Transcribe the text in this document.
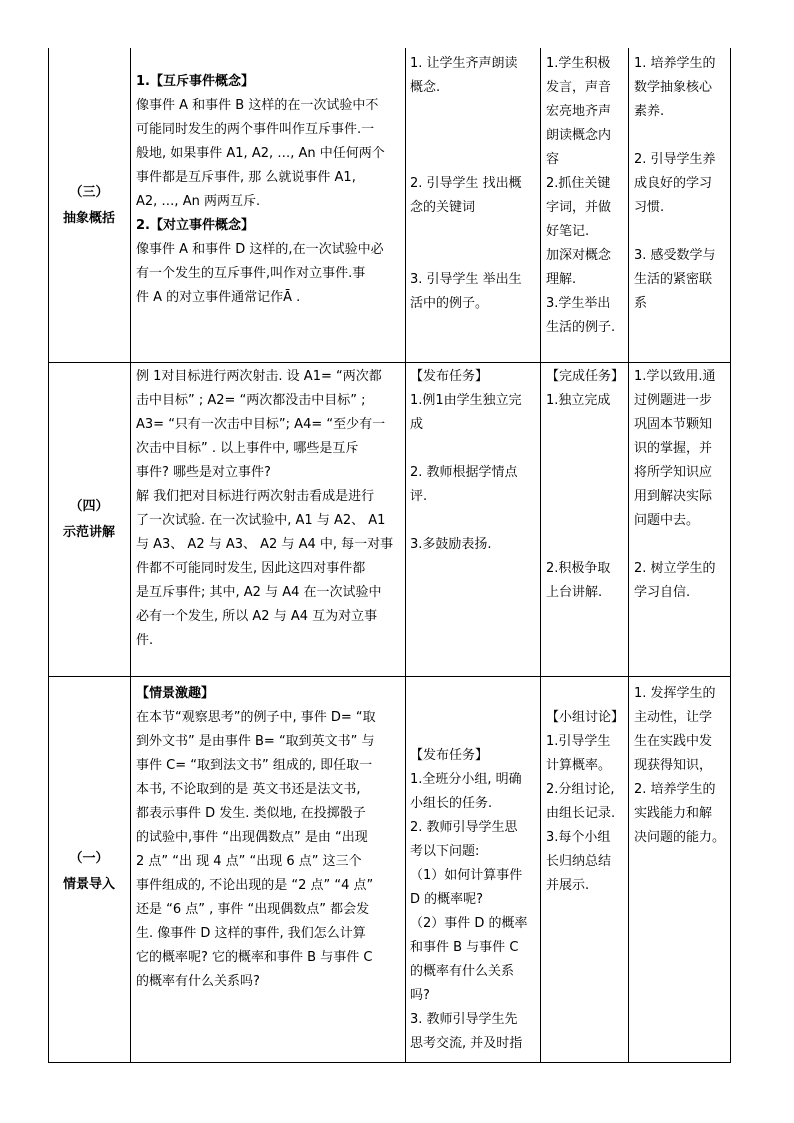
（三）

抽象概括

1.【互斥事件概念】

像事件 A 和事件 B 这样的在一次试验中不
可能同时发生的两个事件叫作互斥事件.一
般地, 如果事件 A1, A2, …, An 中任何两个
事件都是互斥事件, 那 么就说事件 A1,
A2, …, An 两两互斥.

2.【对立事件概念】

像事件 A 和事件 D 这样的,在一次试验中必
有一个发生的互斥事件,叫作对立事件.事
件 A 的对立事件通常记作Ā .

1. 让学生齐声朗读
概念.

2. 引导学生 找出概
念的关键词

3. 引导学生 举出生
活中的例子。

1.学生积极
发言，声音
宏亮地齐声
朗读概念内
容

2.抓住关键
字词，并做
好笔记.
加深对概念
理解.

3.学生举出
生活的例子.

1. 培养学生的
数学抽象核心
素养.

2. 引导学生养
成良好的学习
习惯.

3. 感受数学与
生活的紧密联
系

（四）

示范讲解

例 1对目标进行两次射击. 设 A1= “两次都
击中目标” ; A2= “两次都没击中目标” ;
A3= “只有一次击中目标”; A4= “至少有一
次击中目标” . 以上事件中, 哪些是互斥
事件? 哪些是对立事件?

解 我们把对目标进行两次射击看成是进行
了一次试验. 在一次试验中, A1 与 A2、 A1
与 A3、 A2 与 A3、 A2 与 A4 中, 每一对事
件都不可能同时发生, 因此这四对事件都
是互斥事件; 其中, A2 与 A4 在一次试验中
必有一个发生, 所以 A2 与 A4 互为对立事
件.

【发布任务】

1.例1由学生独立完
成

2. 教师根据学情点
评.

3.多鼓励表扬.

【完成任务】

1.独立完成

2.积极争取
上台讲解.

1.学以致用.通
过例题进一步
巩固本节颗知
识的掌握，并
将所学知识应
用到解决实际
问题中去。

2. 树立学生的
学习自信.

（一）

情景导入

【情景激趣】

在本节“观察思考”的例子中, 事件 D= “取
到外文书” 是由事件 B= “取到英文书” 与
事件 C= “取到法文书” 组成的, 即任取一
本书, 不论取到的是 英文书还是法文书,
都表示事件 D 发生. 类似地, 在投掷骰子
的试验中,事件 “出现偶数点” 是由 “出现
2 点” “出 现 4 点” “出现 6 点” 这三个
事件组成的, 不论出现的是 “2 点” “4 点”
还是 “6 点” , 事件 “出现偶数点” 都会发
生. 像事件 D 这样的事件, 我们怎么计算
它的概率呢? 它的概率和事件 B 与事件 C
的概率有什么关系吗?

【发布任务】

1.全班分小组, 明确
小组长的任务.
2. 教师引导学生思
考以下问题:
（1）如何计算事件
D 的概率呢?
（2）事件 D 的概率
和事件 B 与事件 C
的概率有什么关系
吗?
3. 教师引导学生先
思考交流, 并及时指

【小组讨论】
1.引导学生
计算概率。
2.分组讨论,
由组长记录.
3.每个小组
长归纳总结
并展示.

1. 发挥学生的
主动性，让学
生在实践中发
现获得知识，
2. 培养学生的
实践能力和解
决问题的能力。
